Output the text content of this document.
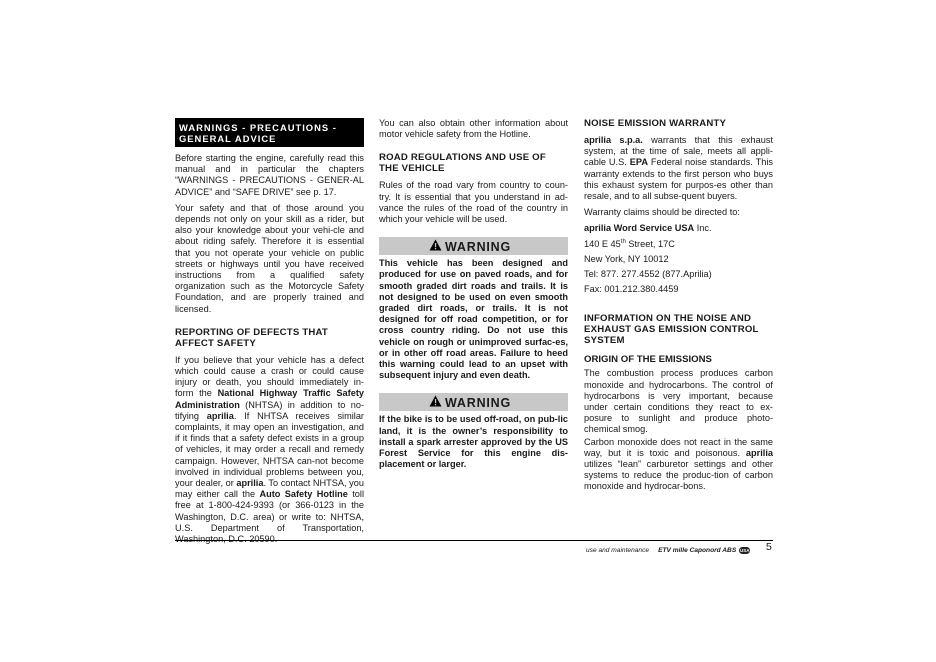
WARNINGS - PRECAUTIONS - GENERAL ADVICE

Before starting the engine, carefully read this manual and in particular the chapters “WARNINGS - PRECAUTIONS - GENER-AL ADVICE” and “SAFE DRIVE” see p. 17.

Your safety and that of those around you depends not only on your skill as a rider, but also your knowledge about your vehi-cle and about riding safely. Therefore it is essential that you not operate your vehicle on public streets or highways until you have received instructions from a qualified safety organization such as the Motorcycle Safety Foundation, and are properly trained and licensed.

REPORTING OF DEFECTS THAT AFFECT SAFETY

If you believe that your vehicle has a defect which could cause a crash or could cause injury or death, you should immediately in-form the National Highway Traffic Safety Administration (NHTSA) in addition to no-tifying aprilia. If NHTSA receives similar complaints, it may open an investigation, and if it finds that a safety defect exists in a group of vehicles, it may order a recall and remedy campaign. However, NHTSA can-not become involved in individual problems between you, your dealer, or aprilia. To contact NHTSA, you may either call the Auto Safety Hotline toll free at 1-800-424-9393 (or 366-0123 in the Washington, D.C. area) or write to: NHTSA, U.S. Department of Transportation,

You can also obtain other information about motor vehicle safety from the Hotline.

ROAD REGULATIONS AND USE OF THE VEHICLE

Rules of the road vary from country to coun-try. It is essential that you understand in ad-vance the rules of the road of the country in which your vehicle will be used.

WARNING

This vehicle has been designed and produced for use on paved roads, and for smooth graded dirt roads and trails. It is not designed to be used on even smooth graded dirt roads, or trails. It is not designed for off road competition, or for cross country riding. Do not use this vehicle on rough or unimproved surfac-es, or in other off road areas. Failure to heed this warning could lead to an upset with subsequent injury and even death.

WARNING

If the bike is to be used off-road, on pub-lic land, it is the owner’s responsibility to install a spark arrester approved by the US Forest Service for this engine dis-placement or larger.

NOISE EMISSION WARRANTY

aprilia s.p.a. warrants that this exhaust system, at the time of sale, meets all appli-cable U.S. EPA Federal noise standards. This warranty extends to the first person who buys this exhaust system for purpos-es other than resale, and to all subse-quent buyers.

Warranty claims should be directed to:

aprilia Word Service USA Inc.

140 E 45th Street, 17C

New York, NY 10012

Tel: 877. 277.4552 (877.Aprilia)

Fax: 001.212.380.4459

INFORMATION ON THE NOISE AND EXHAUST GAS EMISSION CONTROL SYSTEM
ORIGIN OF THE EMISSIONS

The combustion process produces carbon monoxide and hydrocarbons. The control of hydrocarbons is very important, because under certain conditions they react to ex-posure to sunlight and produce photo-chemical smog.

Carbon monoxide does not react in the same way, but it is toxic and poisonous. aprilia utilizes “lean” carburetor settings and other systems to reduce the produc-tion of carbon monoxide and hydrocar-bons.

use and maintenance ETV mille Caponord ABS USA 5
